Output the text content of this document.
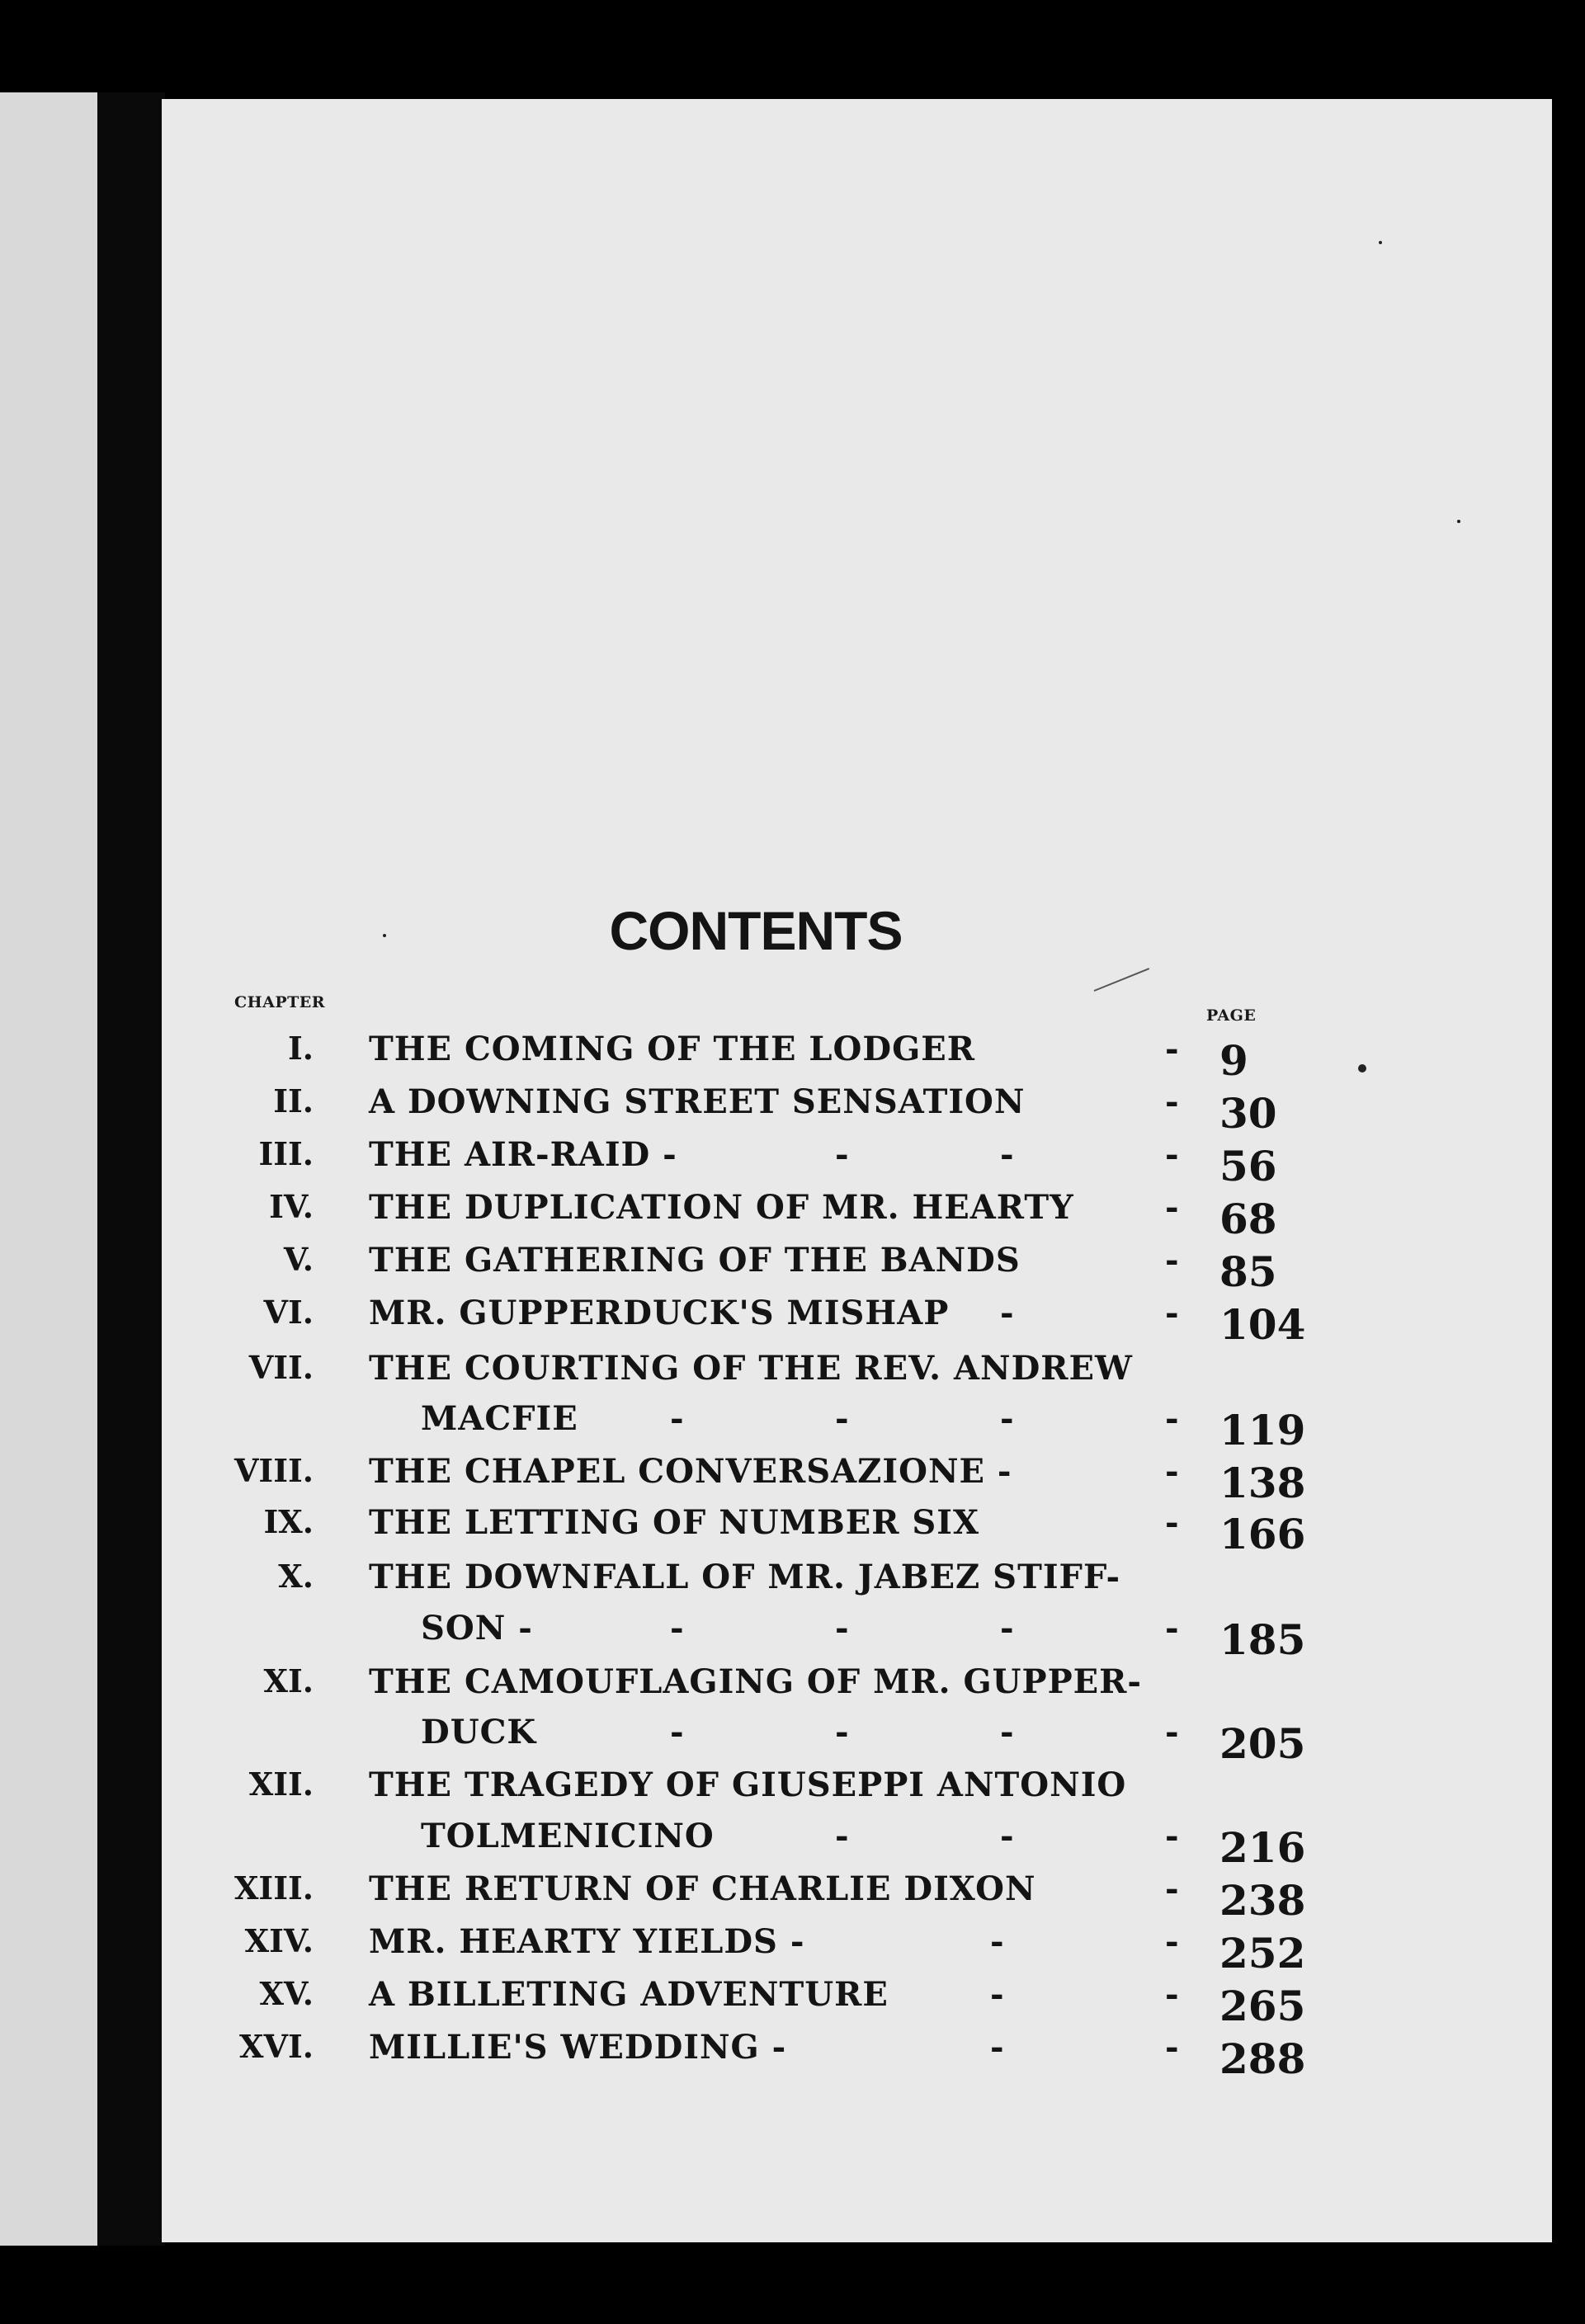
CONTENTS
CHAPTER
PAGE
I. THE COMING OF THE LODGER	- 9
II. A DOWNING STREET SENSATION	- 30
III. THE AIR-RAID -	- 56
-	-
IV. THE DUPLICATION OF MR. HEARTY	- 68
V. THE GATHERING OF THE BANDS	- 85
VI. MR. GUPPERDUCK'S MISHAP	- 104
-
VII. THE COURTING OF THE REV. ANDREW
MACFIE	- 119
-	-	-
VIII. THE CHAPEL CONVERSAZIONE -	- 138
IX. THE LETTING OF NUMBER SIX	- 166
X. THE DOWNFALL OF MR. JABEZ STIFF-
SON -	- 185
-	-	-
XI. THE CAMOUFLAGING OF MR. GUPPER-
DUCK	- 205
-	-	-
XII. THE TRAGEDY OF GIUSEPPI ANTONIO
TOLMENICINO	- 216
-	-
XIII. THE RETURN OF CHARLIE DIXON	- 238
XIV. MR. HEARTY YIELDS -	- 252
-
XV. A BILLETING ADVENTURE	- 265
-
XVI. MILLIE'S WEDDING -	- 288
-
